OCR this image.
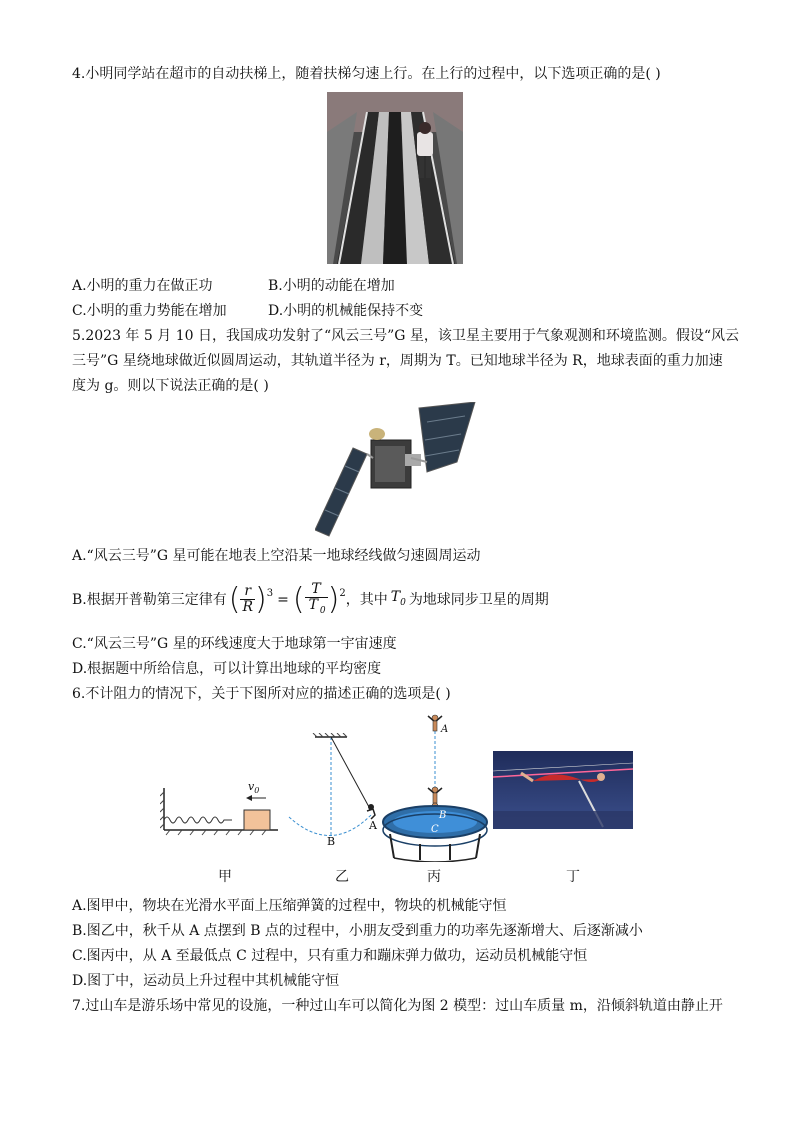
4.小明同学站在超市的自动扶梯上，随着扶梯匀速上行。在上行的过程中，以下选项正确的是( )
A.小明的重力在做正功	B.小明的动能在增加
C.小明的重力势能在增加	D.小明的机械能保持不变
5.2023 年 5 月 10 日，我国成功发射了“风云三号”G 星，该卫星主要用于气象观测和环境监测。假设“风云
三号”G 星绕地球做近似圆周运动，其轨道半径为 r，周期为 T。已知地球半径为 R，地球表面的重力加速
度为 g。则以下说法正确的是( )
A.“风云三号”G 星可能在地表上空沿某一地球经线做匀速圆周运动
B.根据开普勒第三定律有 ( $\frac{r}{R} )^3$ = ( $\frac{T}{T _0} )^2$ ，其中 $T_0$ 为地球同步卫星的周期
C.“风云三号”G 星的环线速度大于地球第一宇宙速度
D.根据题中所给信息，可以计算出地球的平均密度
6.不计阻力的情况下，关于下图所对应的描述正确的选项是( )
$v_0$
B
A
A
B
C
甲	乙	丙	丁
A.图甲中，物块在光滑水平面上压缩弹簧的过程中，物块的机械能守恒
B.图乙中，秋千从 A 点摆到 B 点的过程中，小朋友受到重力的功率先逐渐增大、后逐渐减小
C.图丙中，从 A 至最低点 C 过程中，只有重力和蹦床弹力做功，运动员机械能守恒
D.图丁中，运动员上升过程中其机械能守恒
7.过山车是游乐场中常见的设施，一种过山车可以简化为图 2 模型：过山车质量 m，沿倾斜轨道由静止开
